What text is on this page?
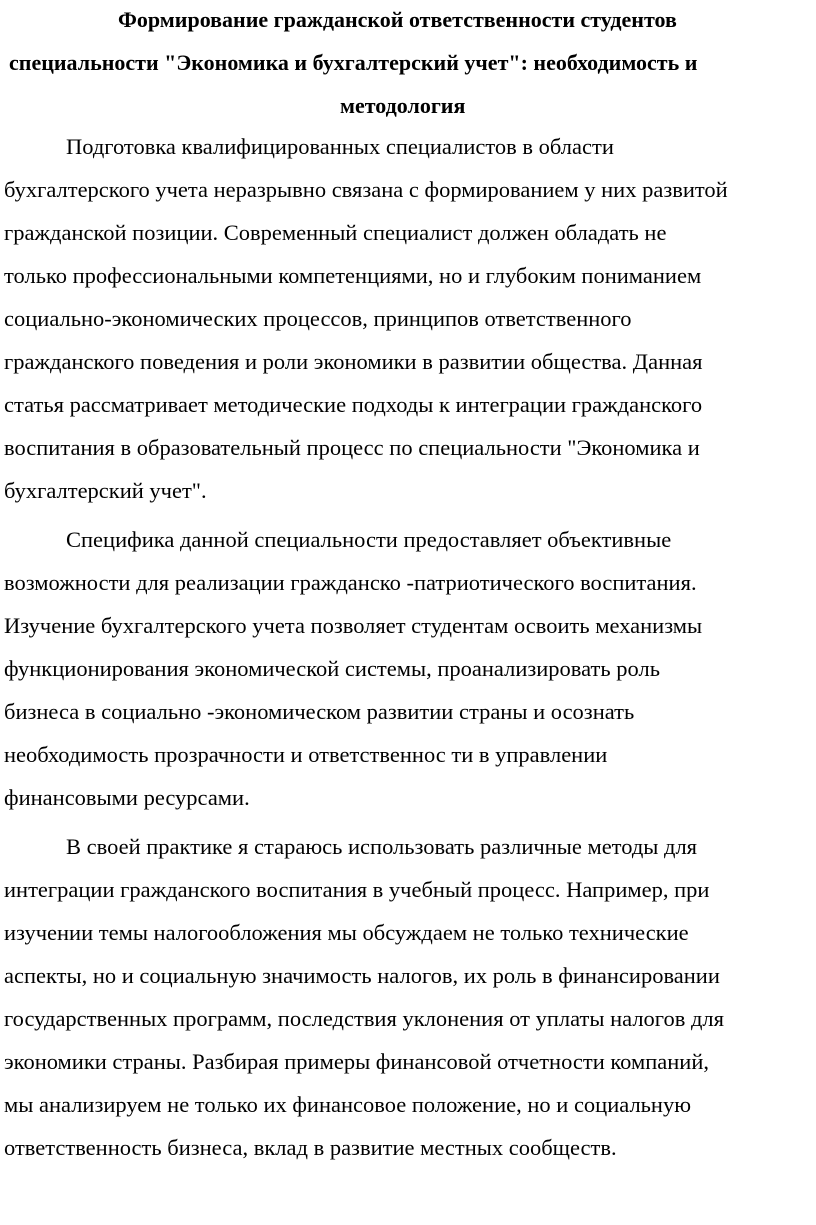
Формирование гражданской ответственности студентов
специальности "Экономика и бухгалтерский учет": необходимость и
методология
Подготовка квалифицированных специалистов в области
бухгалтерского учета неразрывно связана с формированием у них развитой
гражданской позиции. Современный специалист должен обладать не
только профессиональными компетенциями, но и глубоким пониманием
социально-экономических процессов, принципов ответственного
гражданского поведения и роли экономики в развитии общества. Данная
статья рассматривает методические подходы к интеграции гражданского
воспитания в образовательный процесс по специальности "Экономика и
бухгалтерский учет".
Специфика данной специальности предоставляет объективные
возможности для реализации гражданско -патриотического воспитания.
Изучение бухгалтерского учета позволяет студентам освоить механизмы
функционирования экономической системы, проанализировать роль
бизнеса в социально -экономическом развитии страны и осознать
необходимость прозрачности и ответственнос ти в управлении
финансовыми ресурсами.
В своей практике я стараюсь использовать различные методы для
интеграции гражданского воспитания в учебный процесс. Например, при
изучении темы налогообложения мы обсуждаем не только технические
аспекты, но и социальную значимость налогов, их роль в финансировании
государственных программ, последствия уклонения от уплаты налогов для
экономики страны. Разбирая примеры финансовой отчетности компаний,
мы анализируем не только их финансовое положение, но и социальную
ответственность бизнеса, вклад в развитие местных сообществ.
